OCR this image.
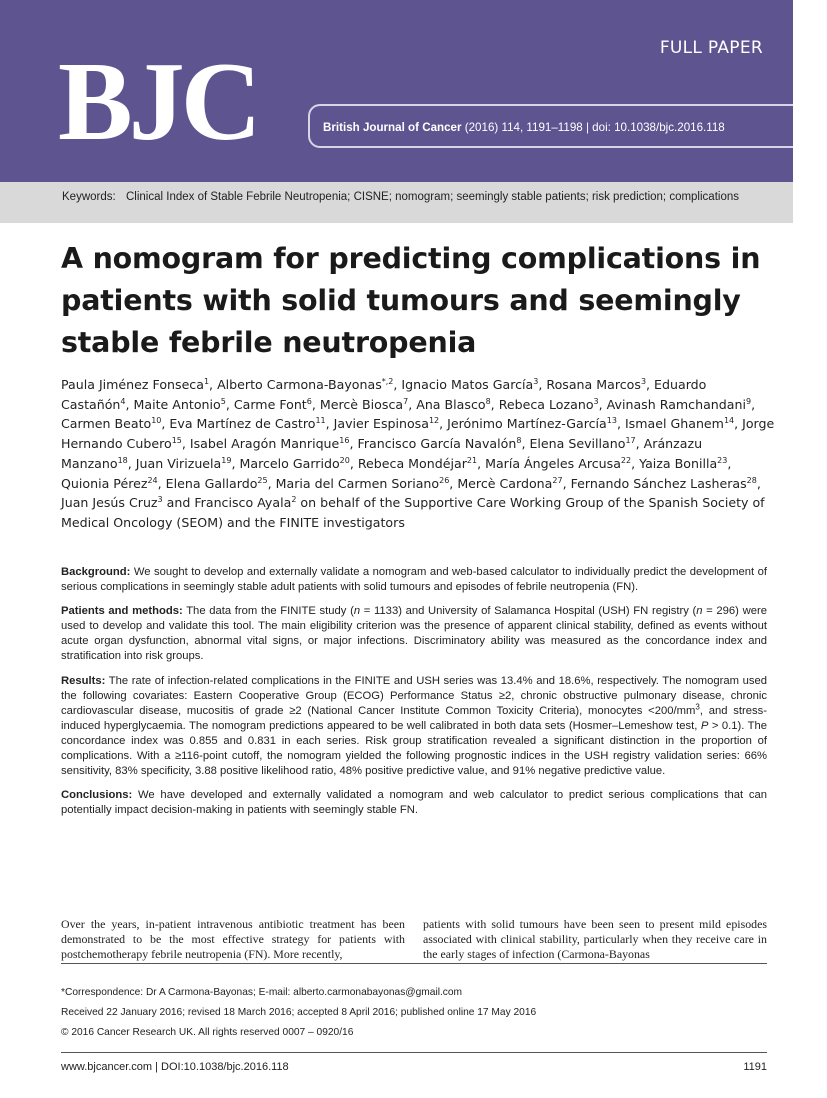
FULL PAPER
BJC	British Journal of Cancer (2016) 114, 1191–1198 | doi: 10.1038/bjc.2016.118
Keywords: Clinical Index of Stable Febrile Neutropenia; CISNE; nomogram; seemingly stable patients; risk prediction; complications
A nomogram for predicting complications in patients with solid tumours and seemingly stable febrile neutropenia
Paula Jiménez Fonseca$^1$, Alberto Carmona-Bayonas$^{*,2}$, Ignacio Matos García$^3$, Rosana Marcos$^3$, Eduardo Castañón$^4$, Maite Antonio$^5$, Carme Font$^6$, Mercè Biosca$^7$, Ana Blasco$^8$, Rebeca Lozano$^3$, Avinash Ramchandani$^9$, Carmen Beato$^{10}$, Eva Martínez de Castro$^{11}$, Javier Espinosa$^{12}$, Jerónimo Martínez-García$^{13}$, Ismael Ghanem$^{14}$, Jorge Hernando Cubero$^{15}$, Isabel Aragón Manrique$^{16}$, Francisco García Navalón$^8$, Elena Sevillano$^{17}$, Aránzazu Manzano$^{18}$, Juan Virizuela$^{19}$, Marcelo Garrido$^{20}$, Rebeca Mondéjar$^{21}$, María Ángeles Arcusa$^{22}$, Yaiza Bonilla$^{23}$, Quionia Pérez$^{24}$, Elena Gallardo$^{25}$, Maria del Carmen Soriano$^{26}$, Mercè Cardona$^{27}$, Fernando Sánchez Lasheras$^{28}$, Juan Jesús Cruz$^3$ and Francisco Ayala$^2$ on behalf of the Supportive Care Working Group of the Spanish Society of Medical Oncology (SEOM) and the FINITE investigators

Background: We sought to develop and externally validate a nomogram and web-based calculator to individually predict the development of serious complications in seemingly stable adult patients with solid tumours and episodes of febrile neutropenia (FN).

Patients and methods: The data from the FINITE study (n = 1133) and University of Salamanca Hospital (USH) FN registry (n = 296) were used to develop and validate this tool. The main eligibility criterion was the presence of apparent clinical stability, defined as events without acute organ dysfunction, abnormal vital signs, or major infections. Discriminatory ability was measured as the concordance index and stratification into risk groups.

Results: The rate of infection-related complications in the FINITE and USH series was 13.4% and 18.6%, respectively. The nomogram used the following covariates: Eastern Cooperative Group (ECOG) Performance Status ≥2, chronic obstructive pulmonary disease, chronic cardiovascular disease, mucositis of grade ≥2 (National Cancer Institute Common Toxicity Criteria), monocytes $<200/mm^3$, and stress-induced hyperglycaemia. The nomogram predictions appeared to be well calibrated in both data sets (Hosmer–Lemeshow test, P > 0.1). The concordance index was 0.855 and 0.831 in each series. Risk group stratification revealed a significant distinction in the proportion of complications. With a ≥116-point cutoff, the nomogram yielded the following prognostic indices in the USH registry validation series: 66% sensitivity, 83% specificity, 3.88 positive likelihood ratio, 48% positive predictive value, and 91% negative predictive value.

Conclusions: We have developed and externally validated a nomogram and web calculator to predict serious complications that can potentially impact decision-making in patients with seemingly stable FN.

Over the years, in-patient intravenous antibiotic treatment has been demonstrated to be the most effective strategy for patients with postchemotherapy febrile neutropenia (FN). More recently,
patients with solid tumours have been seen to present mild episodes associated with clinical stability, particularly when they receive care in the early stages of infection (Carmona-Bayonas
*Correspondence: Dr A Carmona-Bayonas; E-mail: alberto.carmonabayonas@gmail.com
Received 22 January 2016; revised 18 March 2016; accepted 8 April 2016; published online 17 May 2016
© 2016 Cancer Research UK. All rights reserved 0007 – 0920/16
www.bjcancer.com | DOI:10.1038/bjc.2016.118	1191
